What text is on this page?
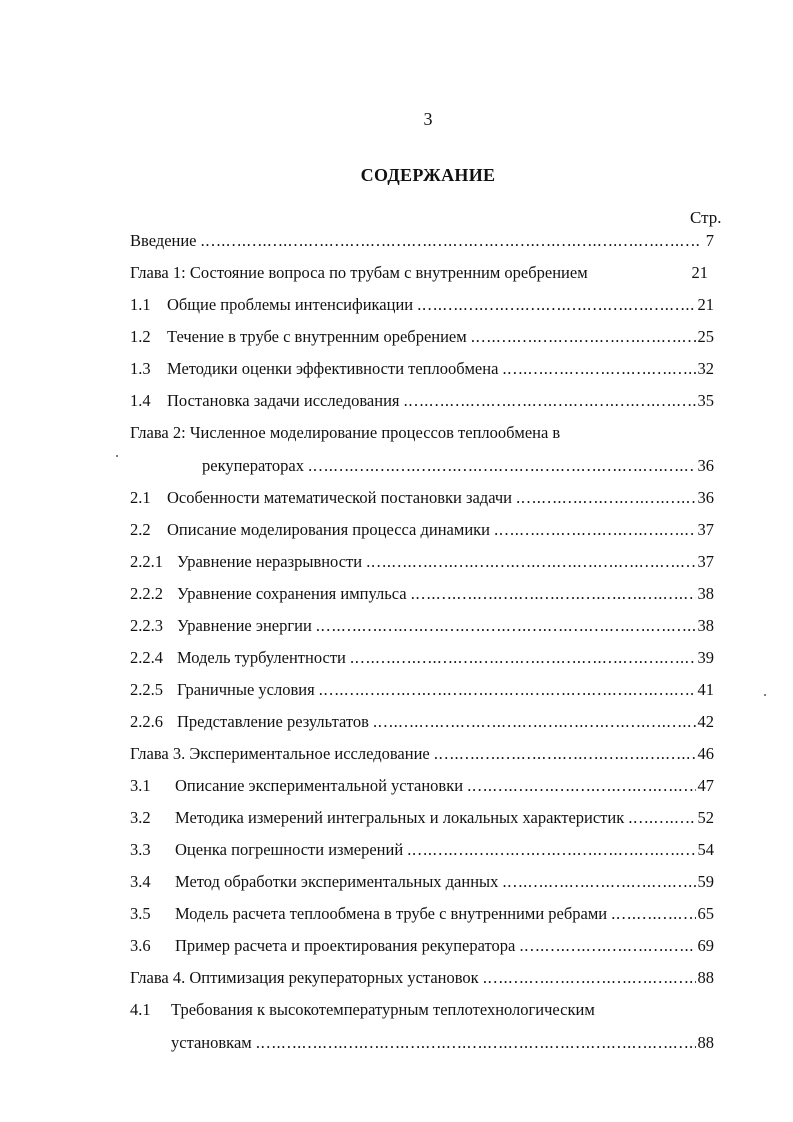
3
СОДЕРЖАНИЕ
Стр.
Введение .….….….….….….….….….….….….….….….….….….….….….….….….….….….….….….….….….….….….….….….….….….….….….….….….….….….….….….….….….….….….….….….….….….….….….….….….….….….….….…	7
Глава 1: Состояние вопроса по трубам с внутренним оребрением	21
1.1 Общие проблемы интенсификации .….….….….….….….….….….….….….….….….….….….….….….….….….….….….….….….….….….….….….….….….….….….….….….….….….….….….….….….….….….….….….….….….….….….….….….….….….….….….….…	21
1.2 Течение в трубе с внутренним оребрением .….….….….….….….….….….….….….….….….….….….….….….….….….….….….….….….….….….….….….….….….….….….….….….….….….….….….….….….….….….….….….….….….….….….….….….….….….….….….….…	25
1.3 Методики оценки эффективности теплообмена .….….….….….….….….….….….….….….….….….….….….….….….….….….….….….….….….….….….….….….….….….….….….….….….….….….….….….….….….….….….….….….….….….….….….….….….….….….….….….…	32
1.4 Постановка задачи исследования .….….….….….….….….….….….….….….….….….….….….….….….….….….….….….….….….….….….….….….….….….….….….….….….….….….….….….….….….….….….….….….….….….….….….….….….….….….….….….…	35
Глава 2: Численное моделирование процессов теплообмена в
рекуператорах .….….….….….….….….….….….….….….….….….….….….….….….….….….….….….….….….….….….….….….….….….….….….….….….….….….….….….….….….….….….….….….….….….….….….….….….….….….….….….…	36
2.1 Особенности математической постановки задачи .….….….….….….….….….….….….….….….….….….….….….….….….….….….….….….….….….….….….….….….….….….….….….….….….….….….….….….….….….….….….….….….….….….….….….….….….….….….….….…	36
2.2 Описание моделирования процесса динамики .….….….….….….….….….….….….….….….….….….….….….….….….….….….….….….….….….….….….….….….….….….….….….….….….….….….….….….….….….….….….….….….….….….….….….….….….….….….….….…	37
2.2.1 Уравнение неразрывности .….….….….….….….….….….….….….….….….….….….….….….….….….….….….….….….….….….….….….….….….….….….….….….….….….….….….….….….….….….….….….….….….….….….….….….….….….….….….….…	37
2.2.2 Уравнение сохранения импульса .….….….….….….….….….….….….….….….….….….….….….….….….….….….….….….….….….….….….….….….….….….….….….….….….….….….….….….….….….….….….….….….….….….….….….….….….….….….….….…	38
2.2.3 Уравнение энергии .….….….….….….….….….….….….….….….….….….….….….….….….….….….….….….….….….….….….….….….….….….….….….….….….….….….….….….….….….….….….….….….….….….….….….….….….….….….….….…	38
2.2.4 Модель турбулентности .….….….….….….….….….….….….….….….….….….….….….….….….….….….….….….….….….….….….….….….….….….….….….….….….….….….….….….….….….….….….….….….….….….….….….….….….….….….….….…	39
2.2.5 Граничные условия .….….….….….….….….….….….….….….….….….….….….….….….….….….….….….….….….….….….….….….….….….….….….….….….….….….….….….….….….….….….….….….….….….….….….….….….….….….….….….…	41
2.2.6 Представление результатов .….….….….….….….….….….….….….….….….….….….….….….….….….….….….….….….….….….….….….….….….….….….….….….….….….….….….….….….….….….….….….….….….….….….….….….….….….….….….….…	42
Глава 3. Экспериментальное исследование .….….….….….….….….….….….….….….….….….….….….….….….….….….….….….….….….….….….….….….….….….….….….….….….….….….….….….….….….….….….….….….….….….….….….….….….….….….….….….…	46
3.1 Описание экспериментальной установки .….….….….….….….….….….….….….….….….….….….….….….….….….….….….….….….….….….….….….….….….….….….….….….….….….….….….….….….….….….….….….….….….….….….….….….….….….….….….….…	47
3.2 Методика измерений интегральных и локальных характеристик .….….….….….….….….….….….….….….….….….….….….….….….….….….….….….….….….….….….….….….….….….….….….….….….….….….….….….….….….….….….….….….….….….….….….….….….….….….….….….…	52
3.3 Оценка погрешности измерений .….….….….….….….….….….….….….….….….….….….….….….….….….….….….….….….….….….….….….….….….….….….….….….….….….….….….….….….….….….….….….….….….….….….….….….….….….….….….….…	54
3.4 Метод обработки экспериментальных данных .….….….….….….….….….….….….….….….….….….….….….….….….….….….….….….….….….….….….….….….….….….….….….….….….….….….….….….….….….….….….….….….….….….….….….….….….….….….….….…	59
3.5 Модель расчета теплообмена в трубе с внутренними ребрами .….….….….….….….….….….….….….….….….….….….….….….….….….….….….….….….….….….….….….….….….….….….….….….….….….….….….….….….….….….….….….….….….….….….….….….….….….….….….….…	65
3.6 Пример расчета и проектирования рекуператора .….….….….….….….….….….….….….….….….….….….….….….….….….….….….….….….….….….….….….….….….….….….….….….….….….….….….….….….….….….….….….….….….….….….….….….….….….….….….….…	69
Глава 4. Оптимизация рекуператорных установок .….….….….….….….….….….….….….….….….….….….….….….….….….….….….….….….….….….….….….….….….….….….….….….….….….….….….….….….….….….….….….….….….….….….….….….….….….….….….….…	88
4.1 Требования к высокотемпературным теплотехнологическим
установкам .….….….….….….….….….….….….….….….….….….….….….….….….….….….….….….….….….….….….….….….….….….….….….….….….….….….….….….….….….….….….….….….….….….….….….….….….….….….….….…	88
